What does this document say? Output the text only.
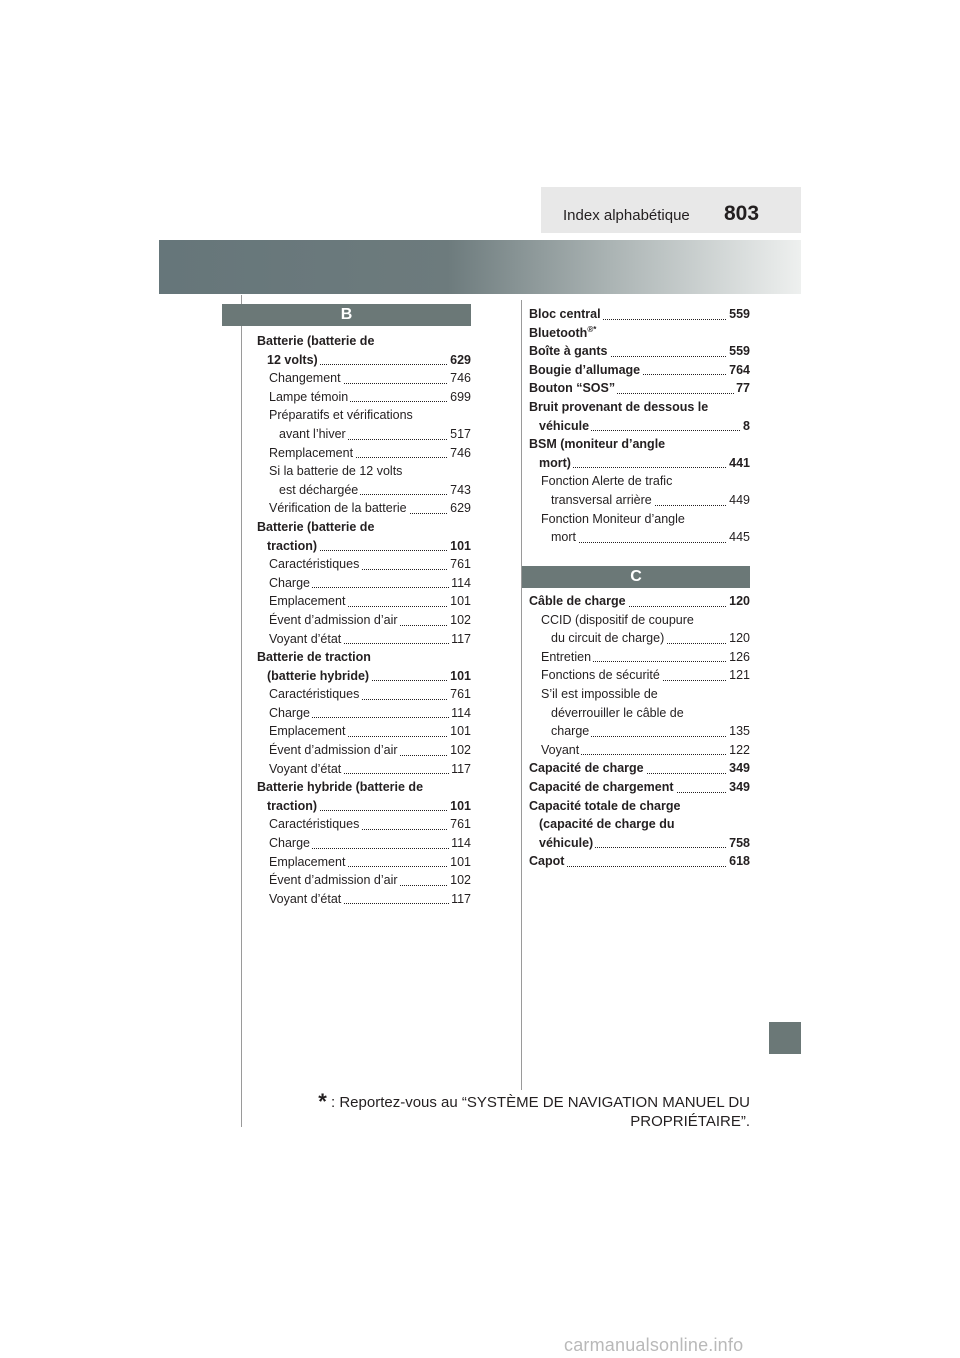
Index alphabétique 803
B
Batterie (batterie de
12 volts)	629
Changement	746
Lampe témoin	699
Préparatifs et vérifications
avant l’hiver	517
Remplacement	746
Si la batterie de 12 volts
est déchargée	743
Vérification de la batterie	629
Batterie (batterie de
traction)	101
Caractéristiques	761
Charge	114
Emplacement	101
Évent d’admission d’air	102
Voyant d’état	117
Batterie de traction
(batterie hybride)	101
Caractéristiques	761
Charge	114
Emplacement	101
Évent d’admission d’air	102
Voyant d’état	117
Batterie hybride (batterie de
traction)	101
Caractéristiques	761
Charge	114
Emplacement	101
Évent d’admission d’air	102
Voyant d’état	117
Bloc central	559
Bluetooth®*
Boîte à gants	559
Bougie d’allumage	764
Bouton “SOS”	77
Bruit provenant de dessous le
véhicule	8
BSM (moniteur d’angle
mort)	441
Fonction Alerte de trafic
transversal arrière	449
Fonction Moniteur d’angle
mort	445
C
Câble de charge	120
CCID (dispositif de coupure
du circuit de charge)	120
Entretien	126
Fonctions de sécurité	121
S’il est impossible de
déverrouiller le câble de
charge	135
Voyant	122
Capacité de charge	349
Capacité de chargement	349
Capacité totale de charge
(capacité de charge du
véhicule)	758
Capot	618
* : Reportez-vous au “SYSTÈME DE NAVIGATION MANUEL DU
PROPRIÉTAIRE”.
carmanualsonline.info
